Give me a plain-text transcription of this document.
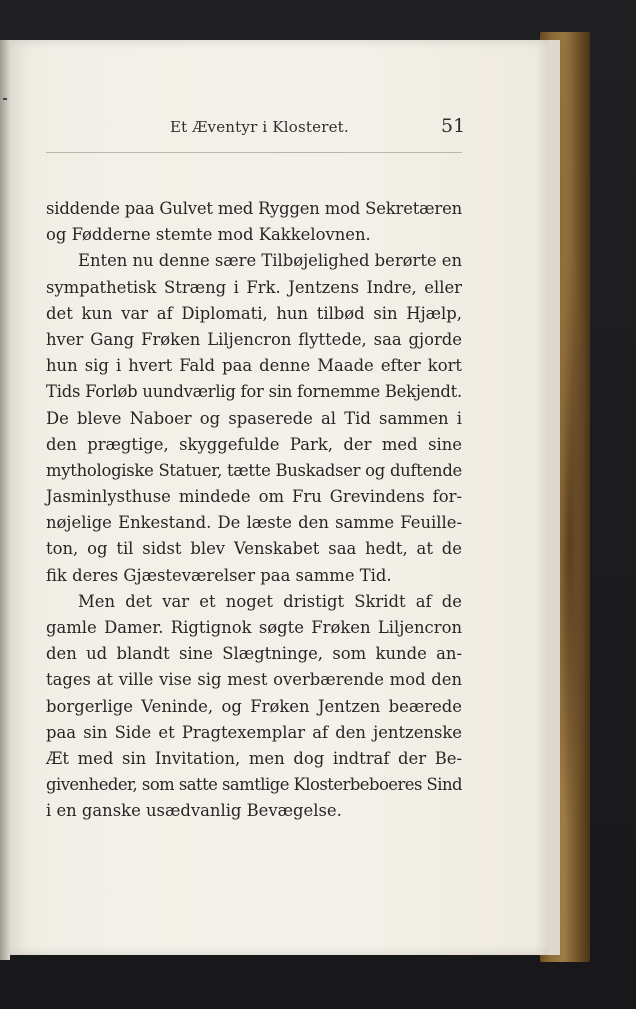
Et Æventyr i Klosteret.	51
siddende paa Gulvet med Ryggen mod Sekretæren
og Fødderne stemte mod Kakkelovnen.
Enten nu denne sære Tilbøjelighed berørte en
sympathetisk Stræng i Frk. Jentzens Indre, eller
det kun var af Diplomati, hun tilbød sin Hjælp,
hver Gang Frøken Liljencron flyttede, saa gjorde
hun sig i hvert Fald paa denne Maade efter kort
Tids Forløb uundværlig for sin fornemme Bekjendt.
De bleve Naboer og spaserede al Tid sammen i
den prægtige, skyggefulde Park, der med sine
mythologiske Statuer, tætte Buskadser og duftende
Jasminlysthuse mindede om Fru Grevindens for-
nøjelige Enkestand. De læste den samme Feuille-
ton, og til sidst blev Venskabet saa hedt, at de
fik deres Gjæsteværelser paa samme Tid.
Men det var et noget dristigt Skridt af de
gamle Damer. Rigtignok søgte Frøken Liljencron
den ud blandt sine Slægtninge, som kunde an-
tages at ville vise sig mest overbærende mod den
borgerlige Veninde, og Frøken Jentzen beærede
paa sin Side et Pragtexemplar af den jentzenske
Æt med sin Invitation, men dog indtraf der Be-
givenheder, som satte samtlige Klosterbeboeres Sind
i en ganske usædvanlig Bevægelse.
